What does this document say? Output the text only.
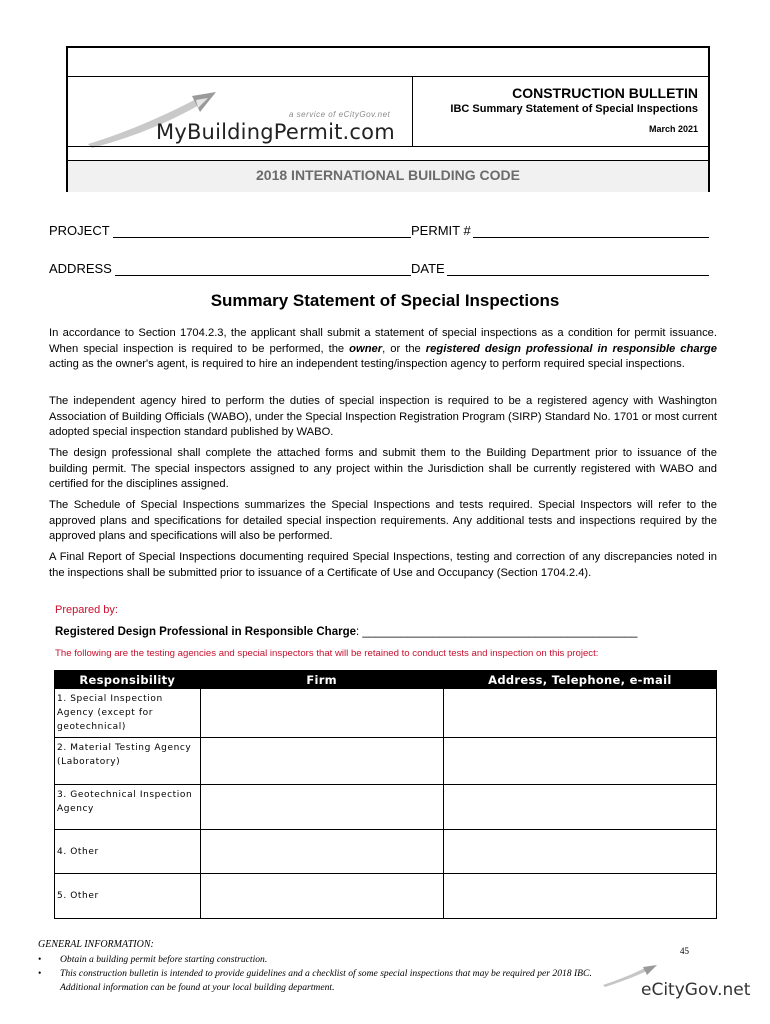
a service of eCityGov.net
MyBuildingPermit.com
CONSTRUCTION BULLETIN
IBC Summary Statement of Special Inspections
March 2021
2018 INTERNATIONAL BUILDING CODE
PROJECT	PERMIT #
ADDRESS	DATE
Summary Statement of Special Inspections
In accordance to Section 1704.2.3, the applicant shall submit a statement of special inspections as a condition for permit issuance. When special inspection is required to be performed, the owner, or the registered design professional in responsible charge acting as the owner's agent, is required to hire an independent testing/inspection agency to perform required special inspections.
The independent agency hired to perform the duties of special inspection is required to be a registered agency with Washington Association of Building Officials (WABO), under the Special Inspection Registration Program (SIRP) Standard No. 1701 or most current adopted special inspection standard published by WABO.
The design professional shall complete the attached forms and submit them to the Building Department prior to issuance of the building permit. The special inspectors assigned to any project within the Jurisdiction shall be currently registered with WABO and certified for the disciplines assigned.
The Schedule of Special Inspections summarizes the Special Inspections and tests required. Special Inspectors will refer to the approved plans and specifications for detailed special inspection requirements. Any additional tests and inspections required by the approved plans and specifications will also be performed.
A Final Report of Special Inspections documenting required Special Inspections, testing and correction of any discrepancies noted in the inspections shall be submitted prior to issuance of a Certificate of Use and Occupancy (Section 1704.2.4).
Prepared by:
Registered Design Professional in Responsible Charge: ___________________________________________
The following are the testing agencies and special inspectors that will be retained to conduct tests and inspection on this project:
Responsibility	Firm	Address, Telephone, e-mail

1. Special Inspection Agency (except for geotechnical)		

2. Material Testing Agency (Laboratory)		

3. Geotechnical Inspection Agency		

4. Other		

5. Other		

GENERAL INFORMATION:
• Obtain a building permit before starting construction.
• This construction bulletin is intended to provide guidelines and a checklist of some special inspections that may be required per 2018 IBC. Additional information can be found at your local building department.
45
eCityGov.net
